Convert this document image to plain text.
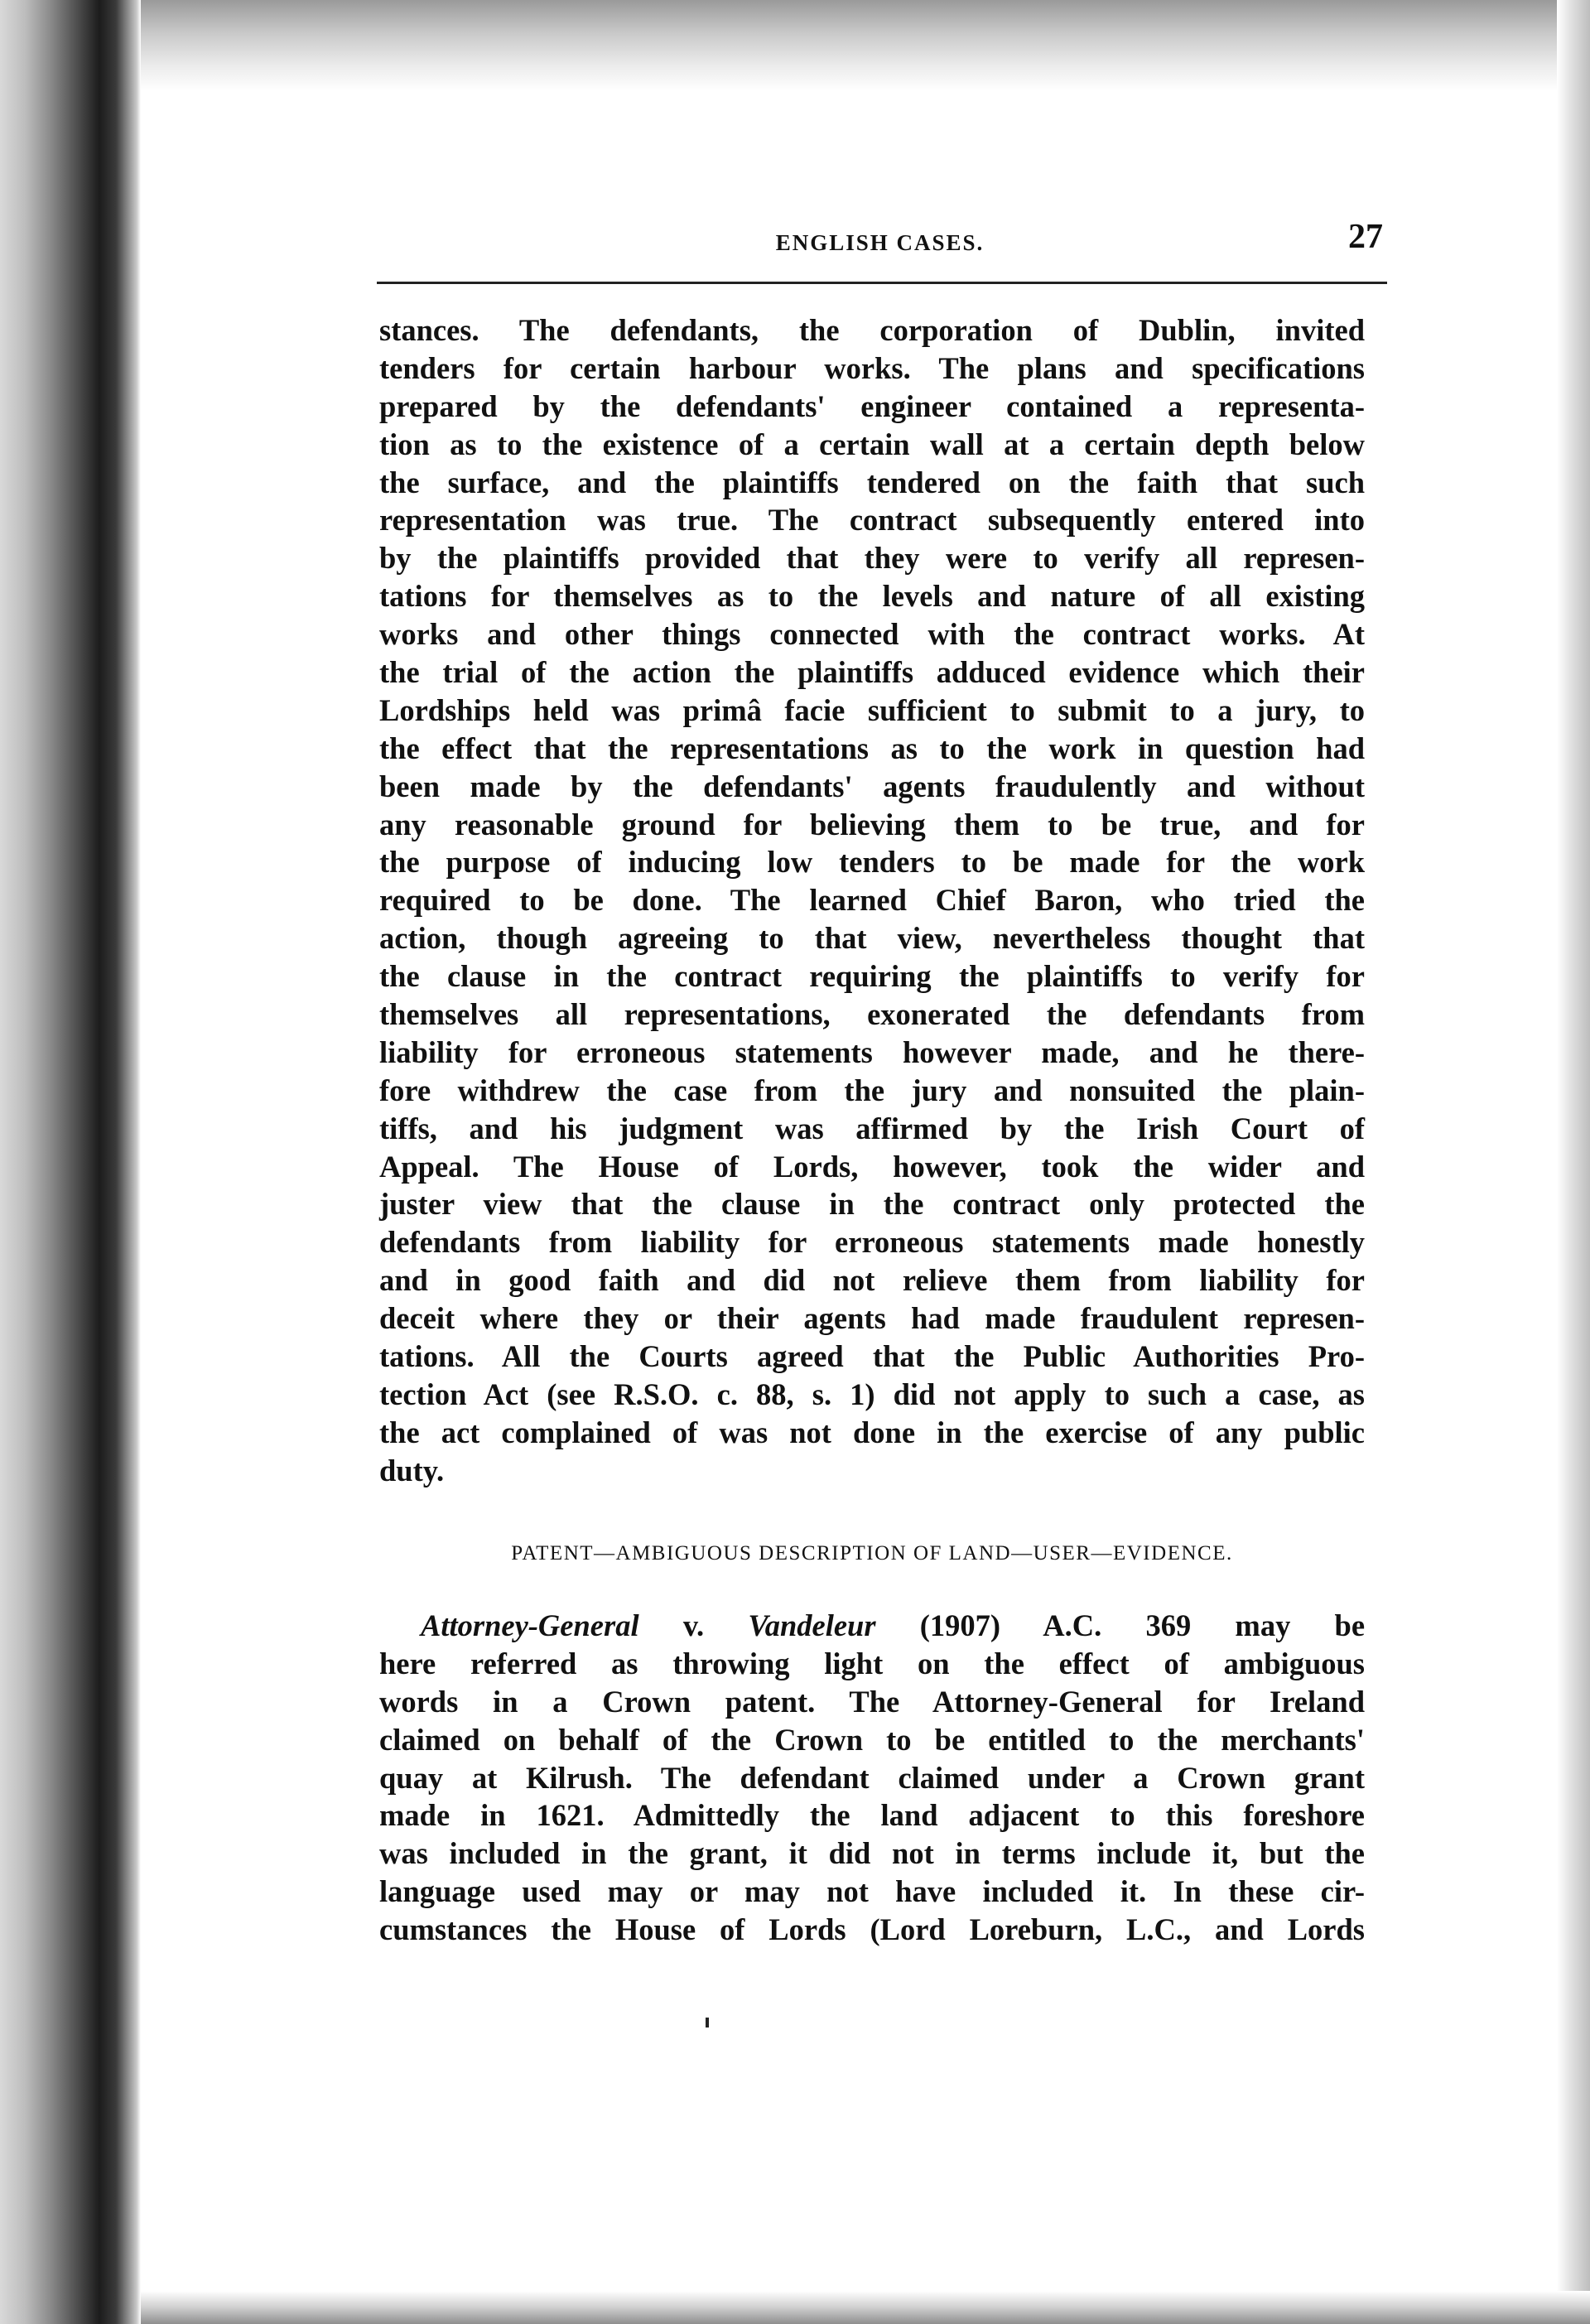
ENGLISH CASES.	27
stances. The defendants, the corporation of Dublin, invited
tenders for certain harbour works. The plans and specifications
prepared by the defendants' engineer contained a representa-
tion as to the existence of a certain wall at a certain depth below
the surface, and the plaintiffs tendered on the faith that such
representation was true. The contract subsequently entered into
by the plaintiffs provided that they were to verify all represen-
tations for themselves as to the levels and nature of all existing
works and other things connected with the contract works. At
the trial of the action the plaintiffs adduced evidence which their
Lordships held was primâ facie sufficient to submit to a jury, to
the effect that the representations as to the work in question had
been made by the defendants' agents fraudulently and without
any reasonable ground for believing them to be true, and for
the purpose of inducing low tenders to be made for the work
required to be done. The learned Chief Baron, who tried the
action, though agreeing to that view, nevertheless thought that
the clause in the contract requiring the plaintiffs to verify for
themselves all representations, exonerated the defendants from
liability for erroneous statements however made, and he there-
fore withdrew the case from the jury and nonsuited the plain-
tiffs, and his judgment was affirmed by the Irish Court of
Appeal. The House of Lords, however, took the wider and
juster view that the clause in the contract only protected the
defendants from liability for erroneous statements made honestly
and in good faith and did not relieve them from liability for
deceit where they or their agents had made fraudulent represen-
tations. All the Courts agreed that the Public Authorities Pro-
tection Act (see R.S.O. c. 88, s. 1) did not apply to such a case, as
the act complained of was not done in the exercise of any public
duty.
PATENT—AMBIGUOUS DESCRIPTION OF LAND—USER—EVIDENCE.
Attorney-General v. Vandeleur (1907) A.C. 369 may be
here referred as throwing light on the effect of ambiguous
words in a Crown patent. The Attorney-General for Ireland
claimed on behalf of the Crown to be entitled to the merchants'
quay at Kilrush. The defendant claimed under a Crown grant
made in 1621. Admittedly the land adjacent to this foreshore
was included in the grant, it did not in terms include it, but the
language used may or may not have included it. In these cir-
cumstances the House of Lords (Lord Loreburn, L.C., and Lords
